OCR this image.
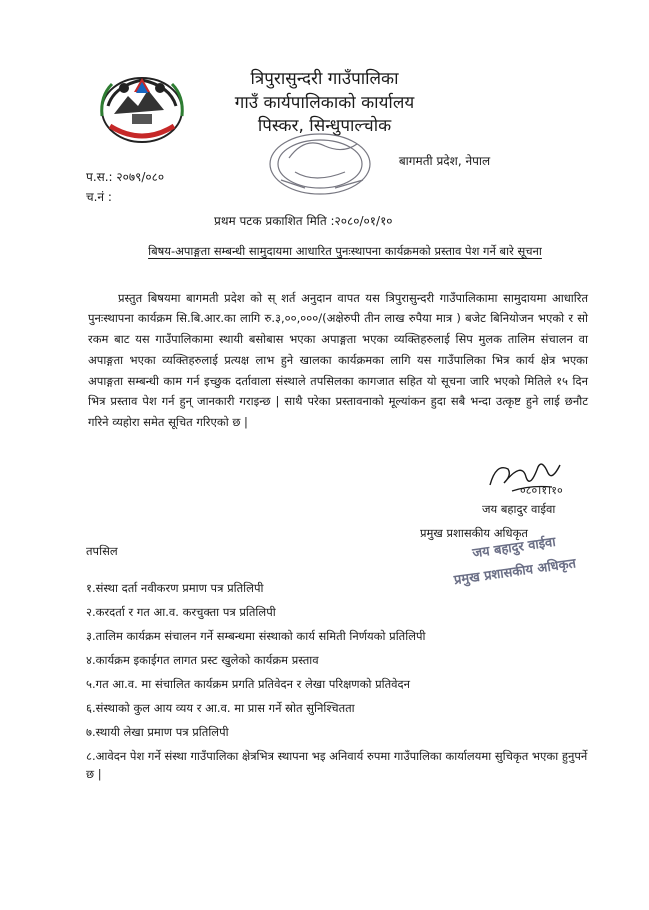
त्रिपुरासुन्दरी गाउँपालिका
गाउँ कार्यपालिकाको कार्यालय
पिस्कर, सिन्धुपाल्चोक
बागमती प्रदेश, नेपाल
प.स.: २०७९/०८०
च.नं :
प्रथम पटक प्रकाशित मिति :२०८०/०१/१०
बिषय-अपाङ्गता सम्बन्धी सामुदायमा आधारित पुनःस्थापना कार्यक्रमको प्रस्ताव पेश गर्ने बारे सूचना

प्रस्तुत बिषयमा बागमती प्रदेश को स् शर्त अनुदान वापत यस त्रिपुरासुन्दरी गाउँपालिकामा सामुदायमा आधारित पुनःस्थापना कार्यक्रम सि.बि.आर.का लागि रु.३,००,०००/(अक्षेरुपी तीन लाख रुपैया मात्र ) बजेट बिनियोजन भएको र सो रकम बाट यस गाउँपालिकामा स्थायी बसोबास भएका अपाङ्गता भएका व्यक्तिहरुलाई सिप मुलक तालिम संचालन वा अपाङ्गता भएका व्यक्तिहरुलाई प्रत्यक्ष लाभ हुने खालका कार्यक्रमका लागि यस गाउँपालिका भित्र कार्य क्षेत्र भएका अपाङ्गता सम्बन्धी काम गर्न इच्छुक दर्तावाला संस्थाले तपसिलका कागजात सहित यो सूचना जारि भएको मितिले १५ दिन भित्र प्रस्ताव पेश गर्न हुन् जानकारी गराइन्छ | साथै परेका प्रस्तावनाको मूल्यांकन हुदा सबै भन्दा उत्कृष्ट हुने लाई छनौट गरिने व्यहोरा समेत सूचित गरिएको छ |

०८०।१।१०
जय बहादुर वाईवा
प्रमुख प्रशासकीय अधिकृत
जय बहादुर वाईवा
प्रमुख प्रशासकीय अधिकृत
तपसिल
१.संस्था दर्ता नवीकरण प्रमाण पत्र प्रतिलिपी
२.करदर्ता र गत आ.व. करचुक्ता पत्र प्रतिलिपी
३.तालिम कार्यक्रम संचालन गर्ने सम्बन्धमा संस्थाको कार्य समिती निर्णयको प्रतिलिपी
४.कार्यक्रम इकाईगत लागत प्रस्ट खुलेको कार्यक्रम प्रस्ताव
५.गत आ.व. मा संचालित कार्यक्रम प्रगति प्रतिवेदन र लेखा परिक्षणको प्रतिवेदन
६.संस्थाको कुल आय व्यय र आ.व. मा प्रास गर्ने स्रोत सुनिश्चितता
७.स्थायी लेखा प्रमाण पत्र प्रतिलिपी
८.आवेदन पेश गर्ने संस्था गाउँपालिका क्षेत्रभित्र स्थापना भइ अनिवार्य रुपमा गाउँपालिका कार्यालयमा सुचिकृत भएका हुनुपर्ने छ |
